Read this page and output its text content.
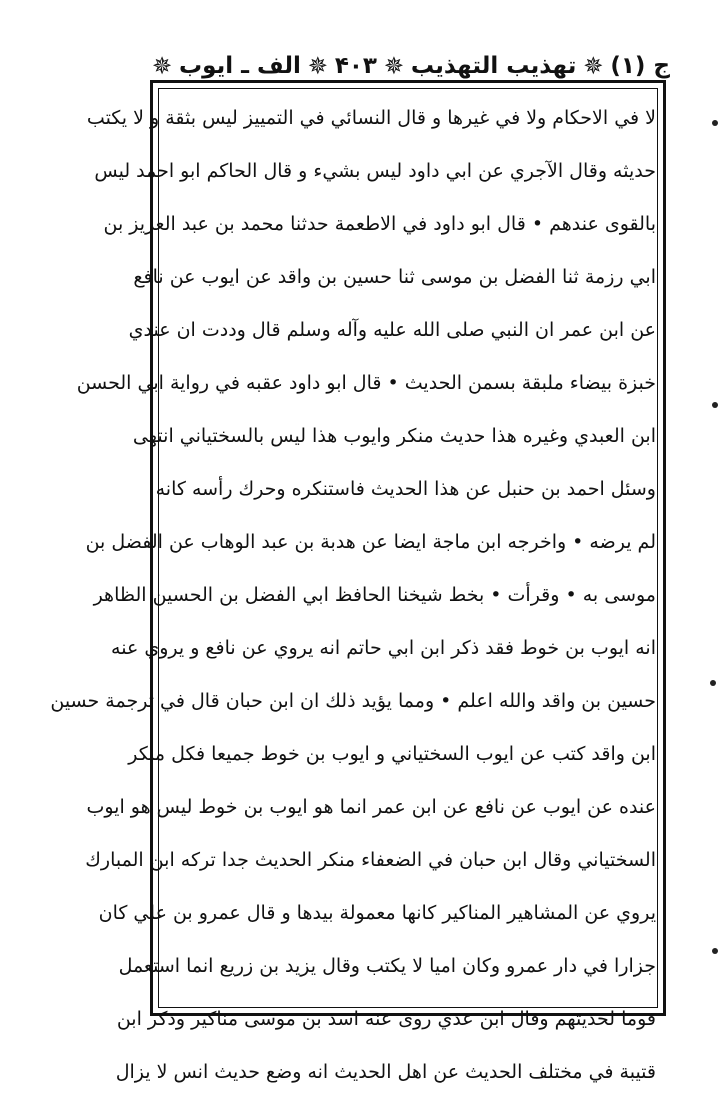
ج (۱)
✵
تهذيب التهذيب
✵
۴۰۳
✵
الف ـ ايوب
✵
لا في الاحكام ولا في غيرها و قال النسائي في التمييز ليس بثقة و لا يكتب
حديثه وقال الآجري عن ابي داود ليس بشيء و قال الحاكم ابو احمد ليس
بالقوى عندهم • قال ابو داود في الاطعمة حدثنا محمد بن عبد العزيز بن
ابي رزمة ثنا الفضل بن موسى ثنا حسين بن واقد عن ايوب عن نافع
عن ابن عمر ان النبي صلى الله عليه وآله وسلم قال وددت ان عندي
خبزة بيضاء ملبقة بسمن الحديث • قال ابو داود عقبه في رواية ابي الحسن
ابن العبدي وغيره هذا حديث منكر وايوب هذا ليس بالسختياني انتهى
وسئل احمد بن حنبل عن هذا الحديث فاستنكره وحرك رأسه كانه
لم يرضه • واخرجه ابن ماجة ايضا عن هدبة بن عبد الوهاب عن الفضل بن
موسى به • وقرأت • بخط شيخنا الحافظ ابي الفضل بن الحسين الظاهر
انه ايوب بن خوط فقد ذكر ابن ابي حاتم انه يروي عن نافع و يروي عنه
حسين بن واقد والله اعلم • ومما يؤيد ذلك ان ابن حبان قال في ترجمة حسين
ابن واقد كتب عن ايوب السختياني و ايوب بن خوط جميعا فكل منكر
عنده عن ايوب عن نافع عن ابن عمر انما هو ايوب بن خوط ليس هو ايوب
السختياني وقال ابن حبان في الضعفاء منكر الحديث جدا تركه ابن المبارك
يروي عن المشاهير المناكير كانها معمولة بيدها و قال عمرو بن علي كان
جزارا في دار عمرو وكان اميا لا يكتب وقال يزيد بن زريع انما استعمل
قوما لحديثهم وقال ابن عدي روى عنه اسد بن موسى مناكير وذكر ابن
قتيبة في مختلف الحديث عن اهل الحديث انه وضع حديث انس لا يزال
